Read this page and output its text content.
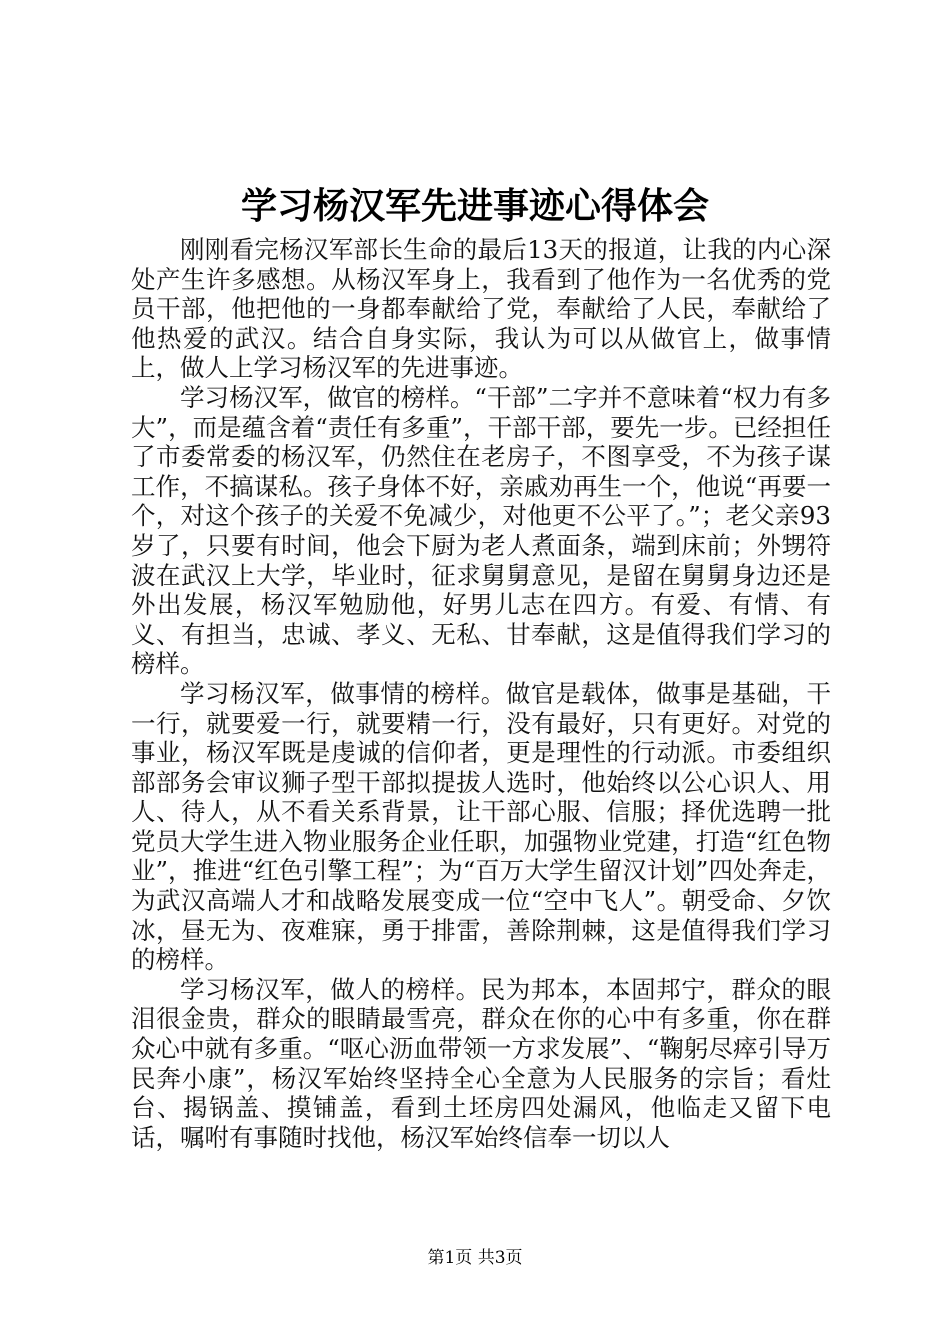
学习杨汉军先进事迹心得体会

刚刚看完杨汉军部长生命的最后13天的报道，让我的内心深处产生许多感想。从杨汉军身上，我看到了他作为一名优秀的党员干部，他把他的一身都奉献给了党，奉献给了人民，奉献给了他热爱的武汉。结合自身实际，我认为可以从做官上，做事情上，做人上学习杨汉军的先进事迹。

学习杨汉军，做官的榜样。“干部”二字并不意味着“权力有多大”，而是蕴含着“责任有多重”，干部干部，要先一步。已经担任了市委常委的杨汉军，仍然住在老房子，不图享受，不为孩子谋工作，不搞谋私。孩子身体不好，亲戚劝再生一个，他说“再要一个，对这个孩子的关爱不免减少，对他更不公平了。”；老父亲93岁了，只要有时间，他会下厨为老人煮面条，端到床前；外甥符波在武汉上大学，毕业时，征求舅舅意见，是留在舅舅身边还是外出发展，杨汉军勉励他，好男儿志在四方。有爱、有情、有义、有担当，忠诚、孝义、无私、甘奉献，这是值得我们学习的榜样。

学习杨汉军，做事情的榜样。做官是载体，做事是基础，干一行，就要爱一行，就要精一行，没有最好，只有更好。对党的事业，杨汉军既是虔诚的信仰者，更是理性的行动派。市委组织部部务会审议狮子型干部拟提拔人选时，他始终以公心识人、用人、待人，从不看关系背景，让干部心服、信服；择优选聘一批党员大学生进入物业服务企业任职，加强物业党建，打造“红色物业”，推进“红色引擎工程”；为“百万大学生留汉计划”四处奔走，为武汉高端人才和战略发展变成一位“空中飞人”。朝受命、夕饮冰，昼无为、夜难寐，勇于排雷，善除荆棘，这是值得我们学习的榜样。

学习杨汉军，做人的榜样。民为邦本，本固邦宁，群众的眼泪很金贵，群众的眼睛最雪亮，群众在你的心中有多重，你在群众心中就有多重。“呕心沥血带领一方求发展”、“鞠躬尽瘁引导万民奔小康”，杨汉军始终坚持全心全意为人民服务的宗旨；看灶台、揭锅盖、摸铺盖，看到土坯房四处漏风，他临走又留下电话，嘱咐有事随时找他，杨汉军始终信奉一切以人

第1页 共3页
